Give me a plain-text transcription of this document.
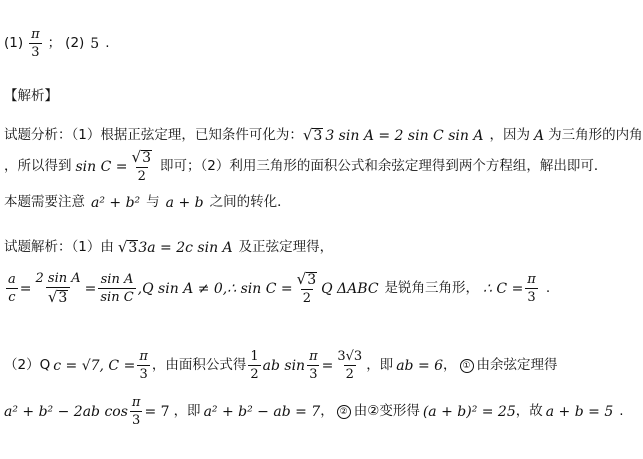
$(1) \frac{\pi}{3}$ ； (2) 5 .
【解析】
试题分析：（1）根据正弦定理，已知条件可化为： √ 3 3 sin A = 2 sin C sin A ，因为 A 为三角形的内角
，所以得到 $\sin C = \frac{√ 3}{2}$ 即可；（2）利用三角形的面积公式和余弦定理得到两个方程组，解出即可．
本题需要注意 a² + b² 与 a + b 之间的转化．
试题解析：（1）由 √ 3 3a = 2c sin A 及正弦定理得，
$\frac{a}{c} = \frac{\text{2 sin A}}{√ 3} = \frac{\text{sin A}}{\text{sin C}} ,Q$ sin A ≠ 0,∴ $\sin C = \frac{√ 3}{2}$ Q ΔABC 是锐角三角形， ∴ $C = \frac{\pi}{3}$ .
（2）Q c = √7, $C = \frac{\pi}{3}$ ，由面积公式得 $\frac{1}{2}$ ab $\sin \frac{\pi}{3} = \frac{3√3}{2}$ ，即 ab = 6 ， ① 由余弦定理得
a² + b² − 2ab $\cos \frac{\pi}{3} = 7$ ，即 a² + b² − ab = 7 ， ② 由②变形得 (a + b)² = 25 ，故 a + b = 5 .
